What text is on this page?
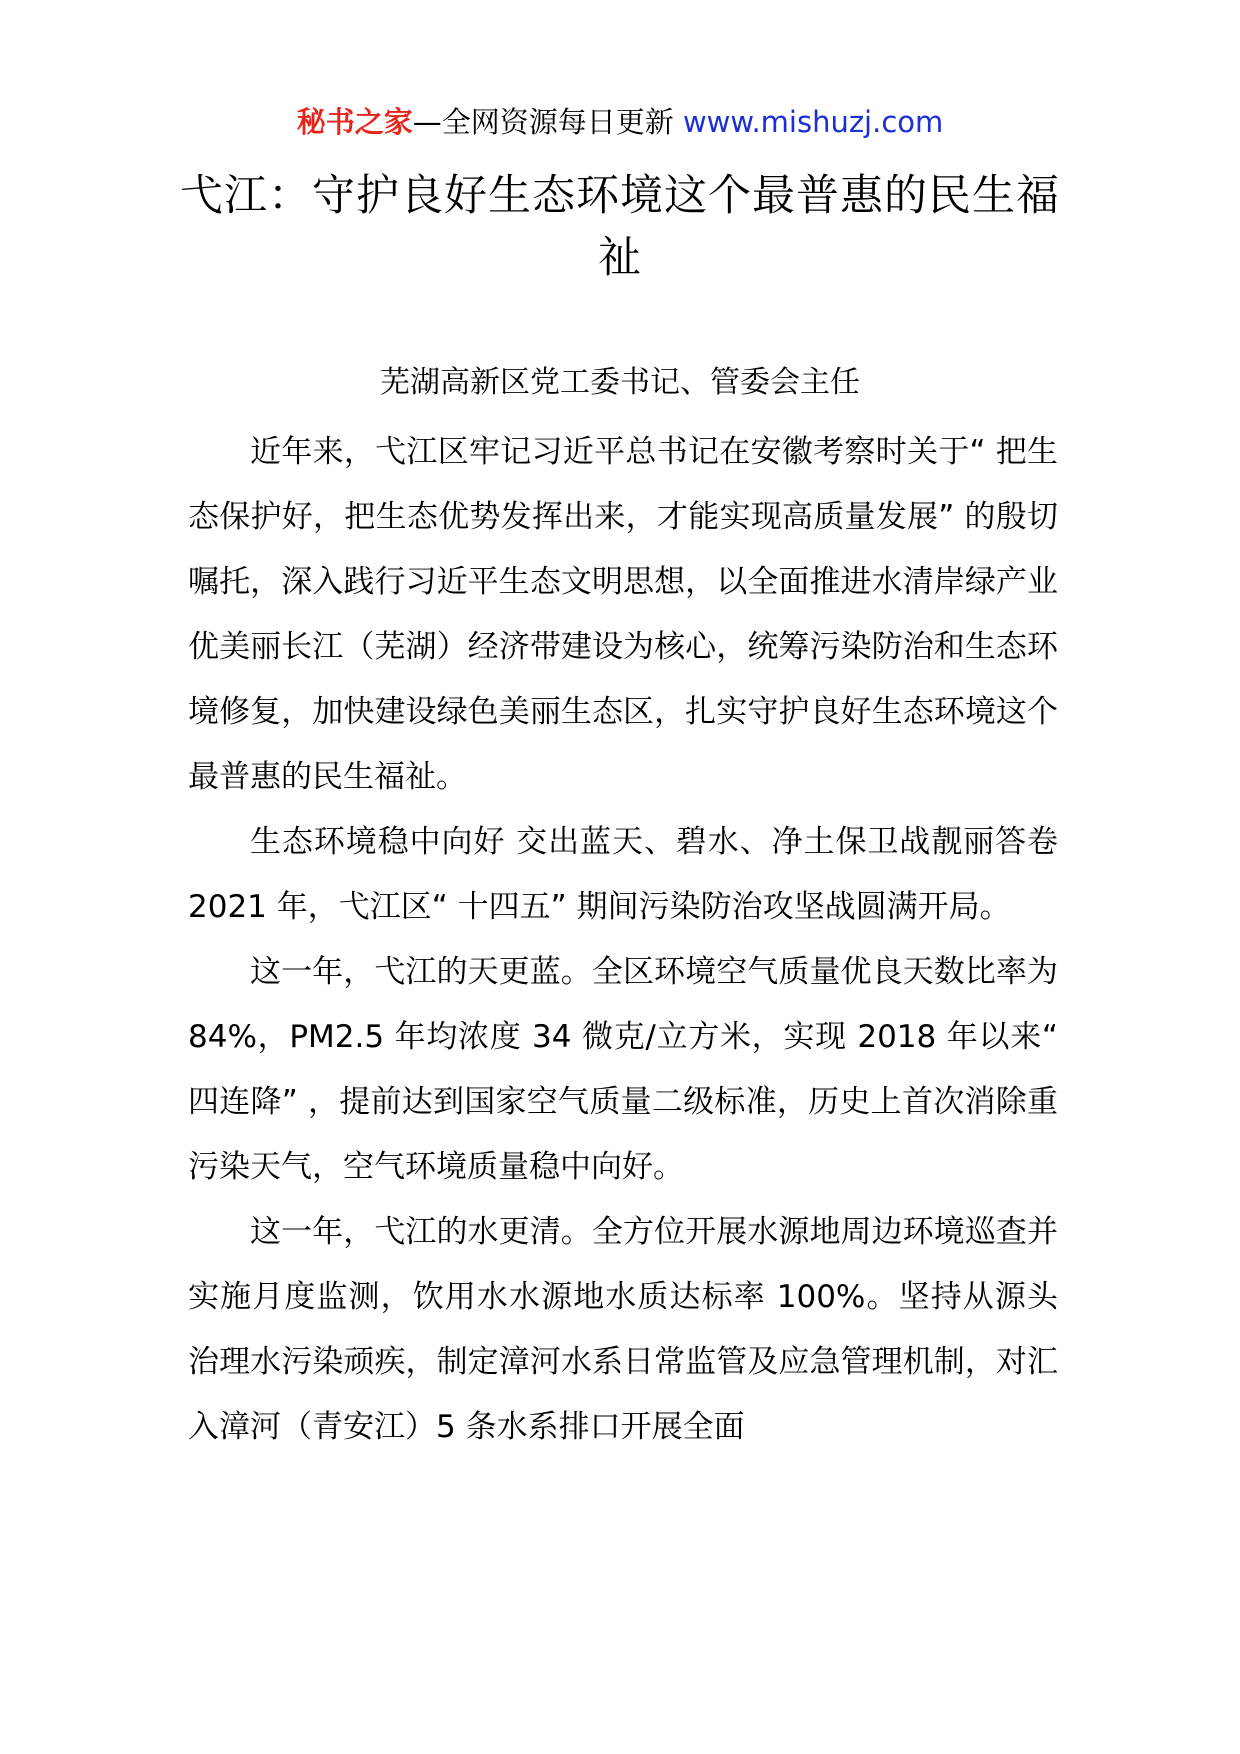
秘书之家—全网资源每日更新 www.mishuzj.com
弋江：守护良好生态环境这个最普惠的民生福祉
芜湖高新区党工委书记、管委会主任

近年来，弋江区牢记习近平总书记在安徽考察时关于“ 把生态保护好，把生态优势发挥出来，才能实现高质量发展” 的殷切嘱托，深入践行习近平生态文明思想，以全面推进水清岸绿产业优美丽长江（芜湖）经济带建设为核心，统筹污染防治和生态环境修复，加快建设绿色美丽生态区，扎实守护良好生态环境这个最普惠的民生福祉。

生态环境稳中向好 交出蓝天、碧水、净土保卫战靓丽答卷 2021 年，弋江区“ 十四五” 期间污染防治攻坚战圆满开局。

这一年，弋江的天更蓝。全区环境空气质量优良天数比率为 84%，PM2.5 年均浓度 34 微克/立方米，实现 2018 年以来“ 四连降” ，提前达到国家空气质量二级标准，历史上首次消除重污染天气，空气环境质量稳中向好。

这一年，弋江的水更清。全方位开展水源地周边环境巡查并实施月度监测，饮用水水源地水质达标率 100%。坚持从源头治理水污染顽疾，制定漳河水系日常监管及应急管理机制，对汇入漳河（青安江）5 条水系排口开展全面
